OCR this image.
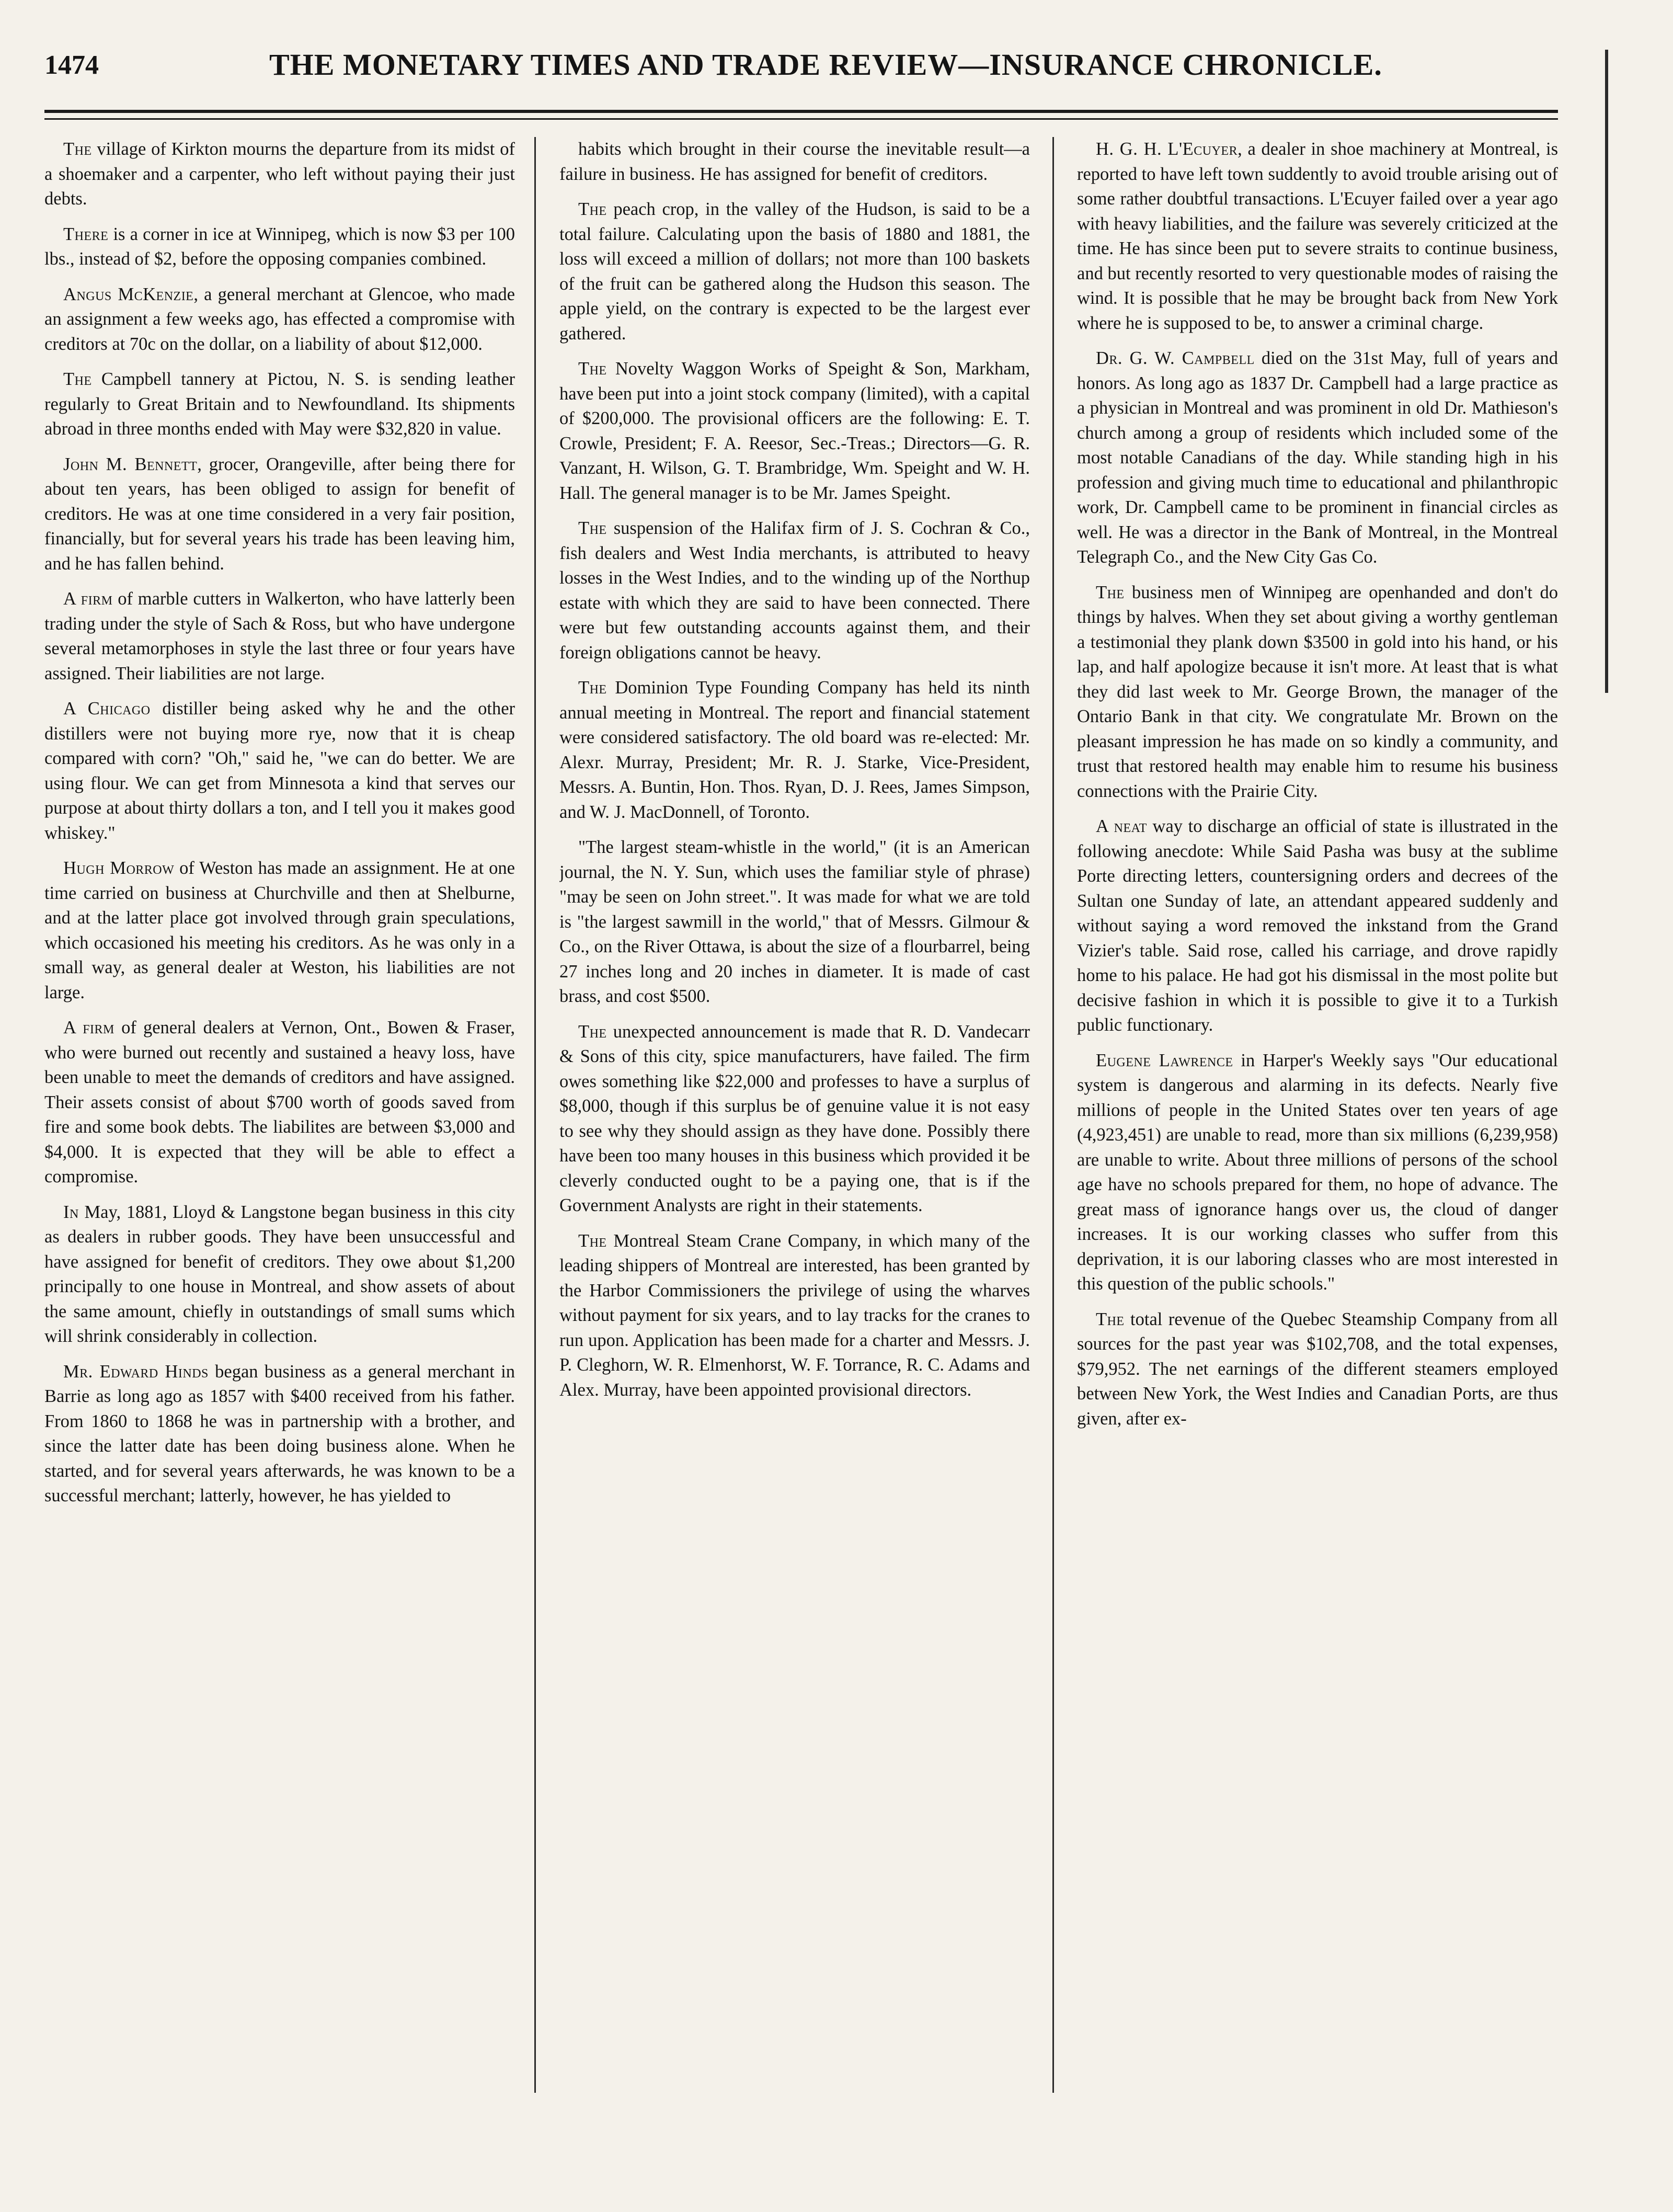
1474	THE MONETARY TIMES AND TRADE REVIEW—INSURANCE CHRONICLE.

The village of Kirkton mourns the departure from its midst of a shoemaker and a carpenter, who left without paying their just debts.

There is a corner in ice at Winnipeg, which is now $3 per 100 lbs., instead of $2, before the opposing companies combined.

Angus McKenzie, a general merchant at Glencoe, who made an assignment a few weeks ago, has effected a compromise with creditors at 70c on the dollar, on a liability of about $12,000.

The Campbell tannery at Pictou, N. S. is sending leather regularly to Great Britain and to Newfoundland. Its shipments abroad in three months ended with May were $32,820 in value.

John M. Bennett, grocer, Orangeville, after being there for about ten years, has been obliged to assign for benefit of creditors. He was at one time considered in a very fair position, financially, but for several years his trade has been leaving him, and he has fallen behind.

A firm of marble cutters in Walkerton, who have latterly been trading under the style of Sach & Ross, but who have undergone several metamorphoses in style the last three or four years have assigned. Their liabilities are not large.

A Chicago distiller being asked why he and the other distillers were not buying more rye, now that it is cheap compared with corn? "Oh," said he, "we can do better. We are using flour. We can get from Minnesota a kind that serves our purpose at about thirty dollars a ton, and I tell you it makes good whiskey."

Hugh Morrow of Weston has made an assignment. He at one time carried on business at Churchville and then at Shelburne, and at the latter place got involved through grain speculations, which occasioned his meeting his creditors. As he was only in a small way, as general dealer at Weston, his liabilities are not large.

A firm of general dealers at Vernon, Ont., Bowen & Fraser, who were burned out recently and sustained a heavy loss, have been unable to meet the demands of creditors and have assigned. Their assets consist of about $700 worth of goods saved from fire and some book debts. The liabilites are between $3,000 and $4,000. It is expected that they will be able to effect a compromise.

In May, 1881, Lloyd & Langstone began business in this city as dealers in rubber goods. They have been unsuccessful and have assigned for benefit of creditors. They owe about $1,200 principally to one house in Montreal, and show assets of about the same amount, chiefly in outstandings of small sums which will shrink considerably in collection.

Mr. Edward Hinds began business as a general merchant in Barrie as long ago as 1857 with $400 received from his father. From 1860 to 1868 he was in partnership with a brother, and since the latter date has been doing business alone. When he started, and for several years afterwards, he was known to be a successful merchant; latterly, however, he has yielded to

habits which brought in their course the inevitable result—a failure in business. He has assigned for benefit of creditors.

The peach crop, in the valley of the Hudson, is said to be a total failure. Calculating upon the basis of 1880 and 1881, the loss will exceed a million of dollars; not more than 100 baskets of the fruit can be gathered along the Hudson this season. The apple yield, on the contrary is expected to be the largest ever gathered.

The Novelty Waggon Works of Speight & Son, Markham, have been put into a joint stock company (limited), with a capital of $200,000. The provisional officers are the following: E. T. Crowle, President; F. A. Reesor, Sec.-Treas.; Directors—G. R. Vanzant, H. Wilson, G. T. Brambridge, Wm. Speight and W. H. Hall. The general manager is to be Mr. James Speight.

The suspension of the Halifax firm of J. S. Cochran & Co., fish dealers and West India merchants, is attributed to heavy losses in the West Indies, and to the winding up of the Northup estate with which they are said to have been connected. There were but few outstanding accounts against them, and their foreign obligations cannot be heavy.

The Dominion Type Founding Company has held its ninth annual meeting in Montreal. The report and financial statement were considered satisfactory. The old board was re-elected: Mr. Alexr. Murray, President; Mr. R. J. Starke, Vice-President, Messrs. A. Buntin, Hon. Thos. Ryan, D. J. Rees, James Simpson, and W. J. MacDonnell, of Toronto.

"The largest steam-whistle in the world," (it is an American journal, the N. Y. Sun, which uses the familiar style of phrase) "may be seen on John street.". It was made for what we are told is "the largest sawmill in the world," that of Messrs. Gilmour & Co., on the River Ottawa, is about the size of a flourbarrel, being 27 inches long and 20 inches in diameter. It is made of cast brass, and cost $500.

The unexpected announcement is made that R. D. Vandecarr & Sons of this city, spice manufacturers, have failed. The firm owes something like $22,000 and professes to have a surplus of $8,000, though if this surplus be of genuine value it is not easy to see why they should assign as they have done. Possibly there have been too many houses in this business which provided it be cleverly conducted ought to be a paying one, that is if the Government Analysts are right in their statements.

The Montreal Steam Crane Company, in which many of the leading shippers of Montreal are interested, has been granted by the Harbor Commissioners the privilege of using the wharves without payment for six years, and to lay tracks for the cranes to run upon. Application has been made for a charter and Messrs. J. P. Cleghorn, W. R. Elmenhorst, W. F. Torrance, R. C. Adams and Alex. Murray, have been appointed provisional directors.

H. G. H. L'Ecuyer, a dealer in shoe machinery at Montreal, is reported to have left town suddently to avoid trouble arising out of some rather doubtful transactions. L'Ecuyer failed over a year ago with heavy liabilities, and the failure was severely criticized at the time. He has since been put to severe straits to continue business, and but recently resorted to very questionable modes of raising the wind. It is possible that he may be brought back from New York where he is supposed to be, to answer a criminal charge.

Dr. G. W. Campbell died on the 31st May, full of years and honors. As long ago as 1837 Dr. Campbell had a large practice as a physician in Montreal and was prominent in old Dr. Mathieson's church among a group of residents which included some of the most notable Canadians of the day. While standing high in his profession and giving much time to educational and philanthropic work, Dr. Campbell came to be prominent in financial circles as well. He was a director in the Bank of Montreal, in the Montreal Telegraph Co., and the New City Gas Co.

The business men of Winnipeg are openhanded and don't do things by halves. When they set about giving a worthy gentleman a testimonial they plank down $3500 in gold into his hand, or his lap, and half apologize because it isn't more. At least that is what they did last week to Mr. George Brown, the manager of the Ontario Bank in that city. We congratulate Mr. Brown on the pleasant impression he has made on so kindly a community, and trust that restored health may enable him to resume his business connections with the Prairie City.

A neat way to discharge an official of state is illustrated in the following anecdote: While Said Pasha was busy at the sublime Porte directing letters, countersigning orders and decrees of the Sultan one Sunday of late, an attendant appeared suddenly and without saying a word removed the inkstand from the Grand Vizier's table. Said rose, called his carriage, and drove rapidly home to his palace. He had got his dismissal in the most polite but decisive fashion in which it is possible to give it to a Turkish public functionary.

Eugene Lawrence in Harper's Weekly says "Our educational system is dangerous and alarming in its defects. Nearly five millions of people in the United States over ten years of age (4,923,451) are unable to read, more than six millions (6,239,958) are unable to write. About three millions of persons of the school age have no schools prepared for them, no hope of advance. The great mass of ignorance hangs over us, the cloud of danger increases. It is our working classes who suffer from this deprivation, it is our laboring classes who are most interested in this question of the public schools."

The total revenue of the Quebec Steamship Company from all sources for the past year was $102,708, and the total expenses, $79,952. The net earnings of the different steamers employed between New York, the West Indies and Canadian Ports, are thus given, after ex-
